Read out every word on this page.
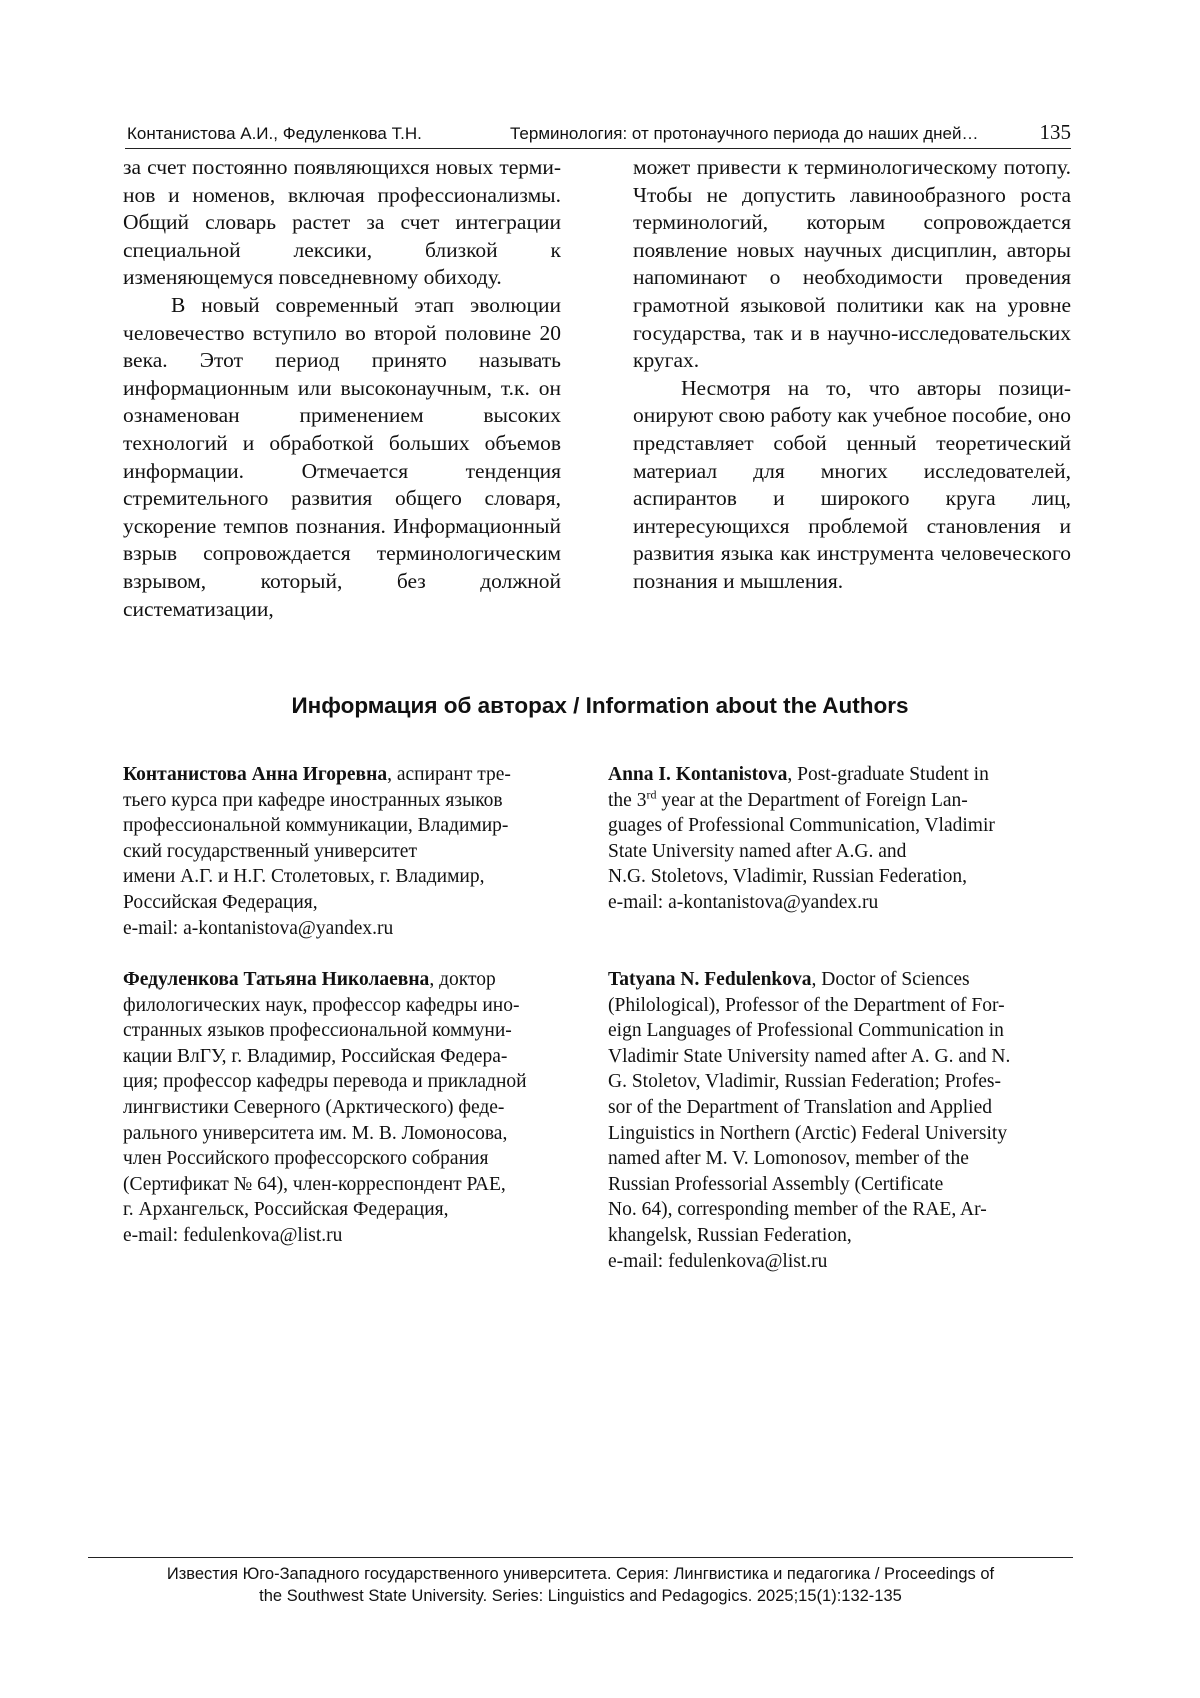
Контанистова А.И., Федуленкова Т.Н.	Терминология: от протонаучного периода до наших дней…	135

за счет постоянно появляющихся новых терминов и номенов, включая профессионализмы. Общий словарь растет за счет интеграции специальной лексики, близкой к изменяющемуся повседневному обиходу.

В новый современный этап эволюции человечество вступило во второй половине 20 века. Этот период принято называть информационным или высоконаучным, т.к. он ознаменован применением высоких технологий и обработкой больших объемов информации. Отмечается тенденция стремительного развития общего словаря, ускорение темпов познания. Информационный взрыв сопровождается терминологическим взрывом, который, без должной систематизации,

может привести к терминологическому потопу. Чтобы не допустить лавинообразного роста терминологий, которым сопровождается появление новых научных дисциплин, авторы напоминают о необходимости проведения грамотной языковой политики как на уровне государства, так и в научно-исследовательских кругах.

Несмотря на то, что авторы позиционируют свою работу как учебное пособие, оно представляет собой ценный теоретический материал для многих исследователей, аспирантов и широкого круга лиц, интересующихся проблемой становления и развития языка как инструмента человеческого познания и мышления.

Информация об авторах / Information about the Authors
Контанистова Анна Игоревна, аспирант тре-
тьего курса при кафедре иностранных языков
профессиональной коммуникации, Владимир-
ский государственный университет
имени А.Г. и Н.Г. Столетовых, г. Владимир,
Российская Федерация,
e-mail: a-kontanistova@yandex.ru
Anna I. Kontanistova, Post-graduate Student in
the 3rd year at the Department of Foreign Lan-
guages of Professional Communication, Vladimir
State University named after A.G. and
N.G. Stoletovs, Vladimir, Russian Federation,
e-mail: a-kontanistova@yandex.ru
Федуленкова Татьяна Николаевна, доктор
филологических наук, профессор кафедры ино-
странных языков профессиональной коммуни-
кации ВлГУ, г. Владимир, Российская Федера-
ция; профессор кафедры перевода и прикладной
лингвистики Северного (Арктического) феде-
рального университета им. М. В. Ломоносова,
член Российского профессорского собрания
(Сертификат № 64), член-корреспондент РАЕ,
г. Архангельск, Российская Федерация,
e-mail: fedulenkova@list.ru
Tatyana N. Fedulenkova, Doctor of Sciences
(Philological), Professor of the Department of For-
eign Languages of Professional Communication in
Vladimir State University named after A. G. and N.
G. Stoletov, Vladimir, Russian Federation; Profes-
sor of the Department of Translation and Applied
Linguistics in Northern (Arctic) Federal University
named after M. V. Lomonosov, member of the
Russian Professorial Assembly (Certificate
No. 64), corresponding member of the RAE, Ar-
khangelsk, Russian Federation,
e-mail: fedulenkova@list.ru
Известия Юго-Западного государственного университета. Серия: Лингвистика и педагогика / Proceedings of
the Southwest State University. Series: Linguistics and Pedagogics. 2025;15(1):132-135
